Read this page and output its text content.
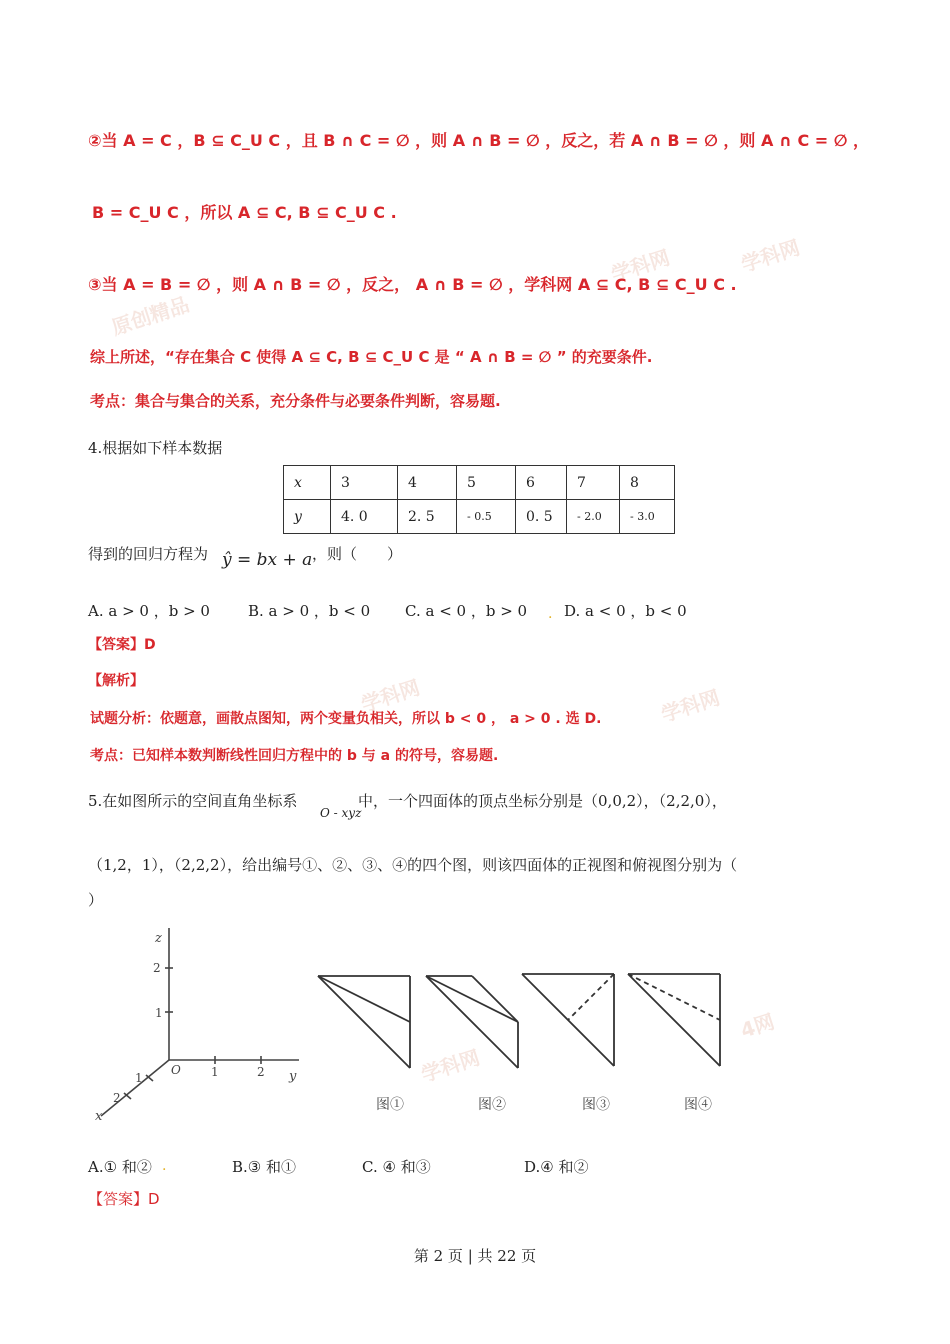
学科网	学科网
原创精品
学科网	学科网
学科网
4网
②当 A = C ，B ⊆ C_U C ，且 B ∩ C = ∅ ，则 A ∩ B = ∅ ，反之，若 A ∩ B = ∅ ，则 A ∩ C = ∅ ，
B = C_U C ，所以 A ⊆ C, B ⊆ C_U C .
③当 A = B = ∅ ，则 A ∩ B = ∅ ，反之， A ∩ B = ∅ ，学科网 A ⊆ C, B ⊆ C_U C .
综上所述，“存在集合 C 使得 A ⊆ C, B ⊆ C_U C 是 “ A ∩ B = ∅ ” 的充要条件.
考点：集合与集合的关系，充分条件与必要条件判断，容易题.
4.根据如下样本数据
x	3	4	5	6	7	8
y	4. 0	2. 5	- 0.5	0. 5	- 2.0	- 3.0
得到的回归方程为 ŷ = bx + a ，则（　　）
A. a > 0 ，b > 0	B. a > 0 ，b < 0 C. a < 0 ，b > 0 . D. a < 0 ，b < 0
【答案】D
【解析】
试题分析：依题意，画散点图知，两个变量负相关，所以 b < 0 ， a > 0 . 选 D.
考点：已知样本数判断线性回归方程中的 b 与 a 的符号，容易题.
5.在如图所示的空间直角坐标系
O - xyz
中，一个四面体的顶点坐标分别是（0,0,2），（2,2,0），
（1,2，1），（2,2,2），给出编号①、②、③、④的四个图，则该四面体的正视图和俯视图分别为（
）
z
2
1
O	1	2 y
1
2
x
图①	图②	图③	图④
A.① 和② .	B.③ 和①	C. ④ 和③	D.④ 和②
【答案】D
第 2 页 | 共 22 页
